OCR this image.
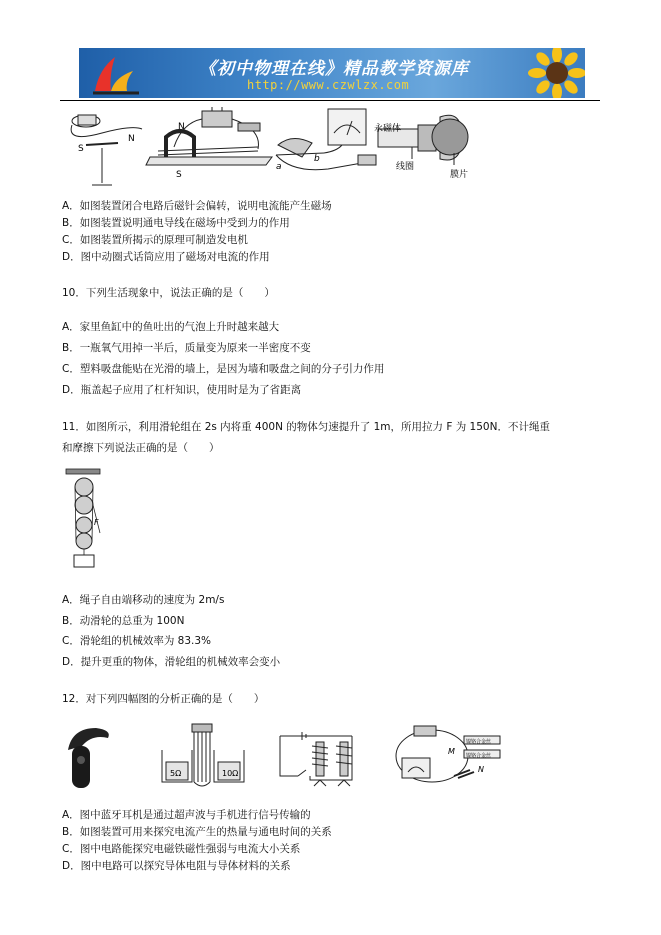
《初中物理在线》精品教学资源库
http://www.czwlzx.com
S
N
N
S
a
b
永磁体
线圈
膜片
A．如图装置闭合电路后磁针会偏转，说明电流能产生磁场
B．如图装置说明通电导线在磁场中受到力的作用
C．如图装置所揭示的原理可制造发电机
D．图中动圈式话筒应用了磁场对电流的作用
10．下列生活现象中，说法正确的是（　　）
A．家里鱼缸中的鱼吐出的气泡上升时越来越大
B．一瓶氧气用掉一半后，质量变为原来一半密度不变
C．塑料吸盘能贴在光滑的墙上，是因为墙和吸盘之间的分子引力作用
D．瓶盖起子应用了杠杆知识，使用时是为了省距离
11．如图所示，利用滑轮组在 2s 内将重 400N 的物体匀速提升了 1m，所用拉力 F 为 150N．不计绳重
和摩擦下列说法正确的是（　　）
F
A．绳子自由端移动的速度为 2m/s
B．动滑轮的总重为 100N
C．滑轮组的机械效率为 83.3%
D．提升更重的物体，滑轮组的机械效率会变小
12．对下列四幅图的分析正确的是（　　）
5Ω	10Ω
镍铬合金丝
镍铬合金丝
M
N
A．图中蓝牙耳机是通过超声波与手机进行信号传输的
B．如图装置可用来探究电流产生的热量与通电时间的关系
C．图中电路能探究电磁铁磁性强弱与电流大小关系
D．图中电路可以探究导体电阻与导体材料的关系
